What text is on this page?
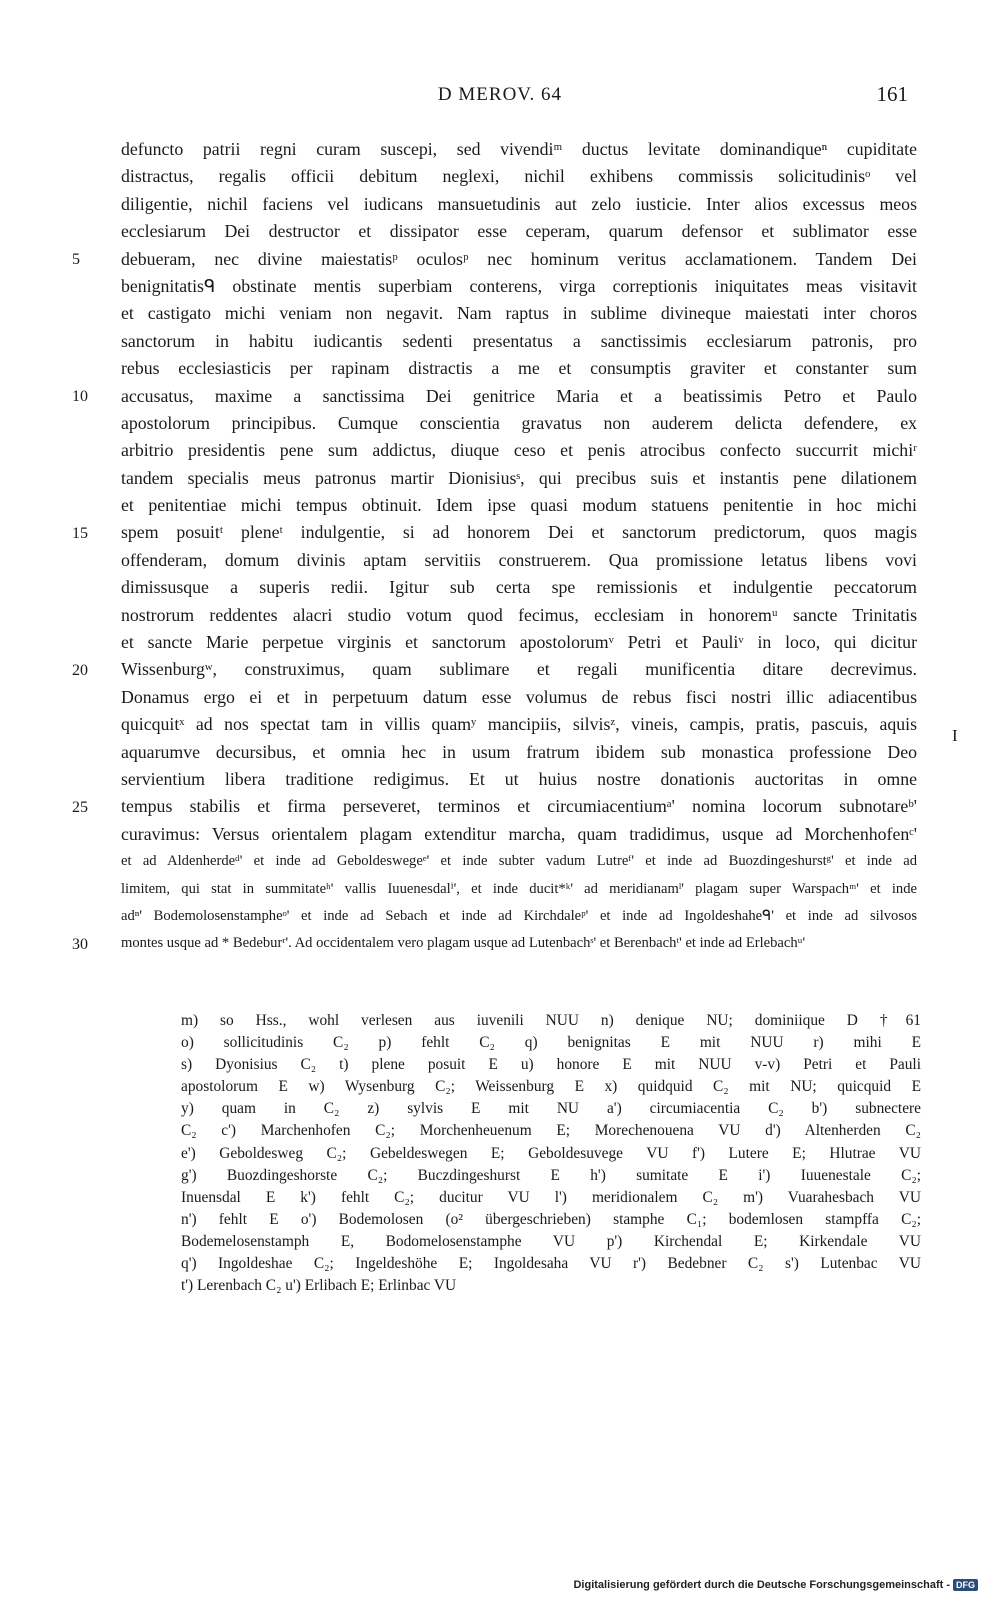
D MEROV. 64	161
5
10
15
20
25
30
defuncto patrii regni curam suscepi, sed vivendiᵐ ductus levitate dominandiqueⁿ cupiditate
distractus, regalis officii debitum neglexi, nichil exhibens commissis solicitudinisᵒ vel
diligentie, nichil faciens vel iudicans mansuetudinis aut zelo iusticie. Inter alios excessus meos
ecclesiarum Dei destructor et dissipator esse ceperam, quarum defensor et sublimator esse
debueram, nec divine maiestatisᵖ oculosᵖ nec hominum veritus acclamationem. Tandem Dei
benignitatisᑫ obstinate mentis superbiam conterens, virga correptionis iniquitates meas visitavit
et castigato michi veniam non negavit. Nam raptus in sublime divineque maiestati inter choros
sanctorum in habitu iudicantis sedenti presentatus a sanctissimis ecclesiarum patronis, pro
rebus ecclesiasticis per rapinam distractis a me et consumptis graviter et constanter sum
accusatus, maxime a sanctissima Dei genitrice Maria et a beatissimis Petro et Paulo
apostolorum principibus. Cumque conscientia gravatus non auderem delicta defendere, ex
arbitrio presidentis pene sum addictus, diuque ceso et penis atrocibus confecto succurrit michiʳ
tandem specialis meus patronus martir Dionisiusˢ, qui precibus suis et instantis pene dilationem
et penitentiae michi tempus obtinuit. Idem ipse quasi modum statuens penitentie in hoc michi
spem posuitᵗ pleneᵗ indulgentie, si ad honorem Dei et sanctorum predictorum, quos magis
offenderam, domum divinis aptam servitiis construerem. Qua promissione letatus libens vovi
dimissusque a superis redii. Igitur sub certa spe remissionis et indulgentie peccatorum
nostrorum reddentes alacri studio votum quod fecimus, ecclesiam in honoremᵘ sancte Trinitatis
et sancte Marie perpetue virginis et sanctorum apostolorumᵛ Petri et Pauliᵛ in loco, qui dicitur
Wissenburgʷ, construximus, quam sublimare et regali munificentia ditare decrevimus.
Donamus ergo ei et in perpetuum datum esse volumus de rebus fisci nostri illic adiacentibus
quicquitˣ ad nos spectat tam in villis quamʸ mancipiis, silvisᶻ, vineis, campis, pratis, pascuis, aquis
aquarumve decursibus, et omnia hec in usum fratrum ibidem sub monastica professione Deo
servientium libera traditione redigimus. Et ut huius nostre donationis auctoritas in omne
tempus stabilis et firma perseveret, terminos et circumiacentiumᵃ' nomina locorum subnotareᵇ'
curavimus: Versus orientalem plagam extenditur marcha, quam tradidimus, usque ad Morchenhofenᶜ'
et ad Aldenherdeᵈ' et inde ad Geboldeswegeᵉ' et inde subter vadum Lutreᶠ' et inde ad Buozdingeshurstᵍ' et inde ad
limitem, qui stat in summitateʰ' vallis Iuuenesdalⁱ', et inde ducit*ᵏ' ad meridianamˡ' plagam super Warspachᵐ' et inde
adⁿ' Bodemolosenstampheᵒ' et inde ad Sebach et inde ad Kirchdaleᵖ' et inde ad Ingoldeshaheᑫ' et inde ad silvosos
montes usque ad * Bedeburʳ'. Ad occidentalem vero plagam usque ad Lutenbachˢ' et Berenbachᵗ' et inde ad Erlebachᵘ'
I
m) so Hss., wohl verlesen aus iuvenili NUU n) denique NU; dominiique D †61
o) sollicitudinis C₂ p) fehlt C₂ q) benignitas E mit NUU r) mihi E
s) Dyonisius C₂ t) plene posuit E u) honore E mit NUU v-v) Petri et Pauli
apostolorum E w) Wysenburg C₂; Weissenburg E x) quidquid C₂ mit NU; quicquid E
y) quam in C₂ z) sylvis E mit NU a') circumiacentia C₂ b') subnectere
C₂ c') Marchenhofen C₂; Morchenheuenum E; Morechenouena VU d') Altenherden C₂
e') Geboldesweg C₂; Gebeldeswegen E; Geboldesuvege VU f') Lutere E; Hlutrae VU
g') Buozdingeshorste C₂; Buczdingeshurst E h') sumitate E i') Iuuenestale C₂;
Inuensdal E k') fehlt C₂; ducitur VU l') meridionalem C₂ m') Vuarahesbach VU
n') fehlt E o') Bodemolosen (o² übergeschrieben) stamphe C₁; bodemlosen stampffa C₂;
Bodemelosenstamph E, Bodomelosenstamphe VU p') Kirchendal E; Kirkendale VU
q') Ingoldeshae C₂; Ingeldeshöhe E; Ingoldesaha VU r') Bedebner C₂ s') Lutenbac VU
t') Lerenbach C₂ u') Erlibach E; Erlinbac VU
Digitalisierung gefördert durch die Deutsche Forschungsgemeinschaft - DFG
